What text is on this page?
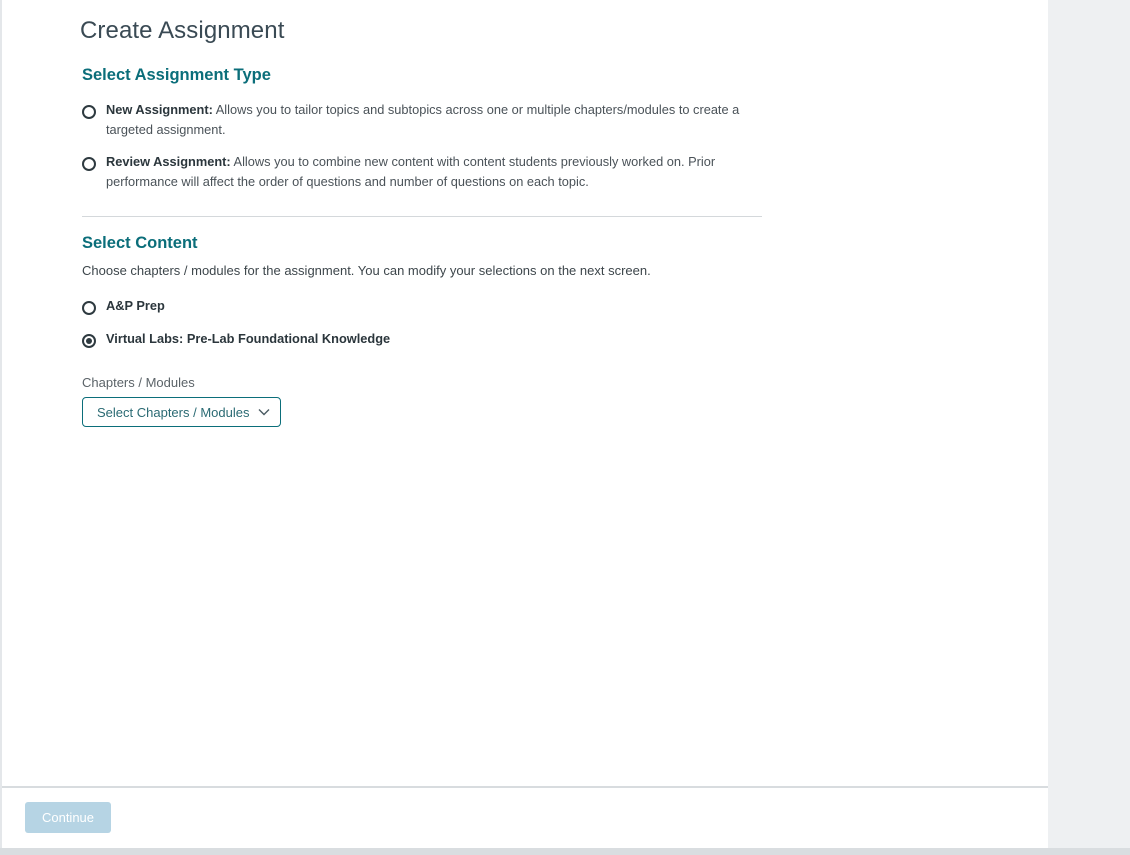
Create Assignment
Select Assignment Type
New Assignment: Allows you to tailor topics and subtopics across one or multiple chapters/modules to create a targeted assignment.
Review Assignment: Allows you to combine new content with content students previously worked on. Prior performance will affect the order of questions and number of questions on each topic.
Select Content

Choose chapters / modules for the assignment. You can modify your selections on the next screen.

A&P Prep
Virtual Labs: Pre-Lab Foundational Knowledge
Chapters / Modules
Select Chapters / Modules
Continue
